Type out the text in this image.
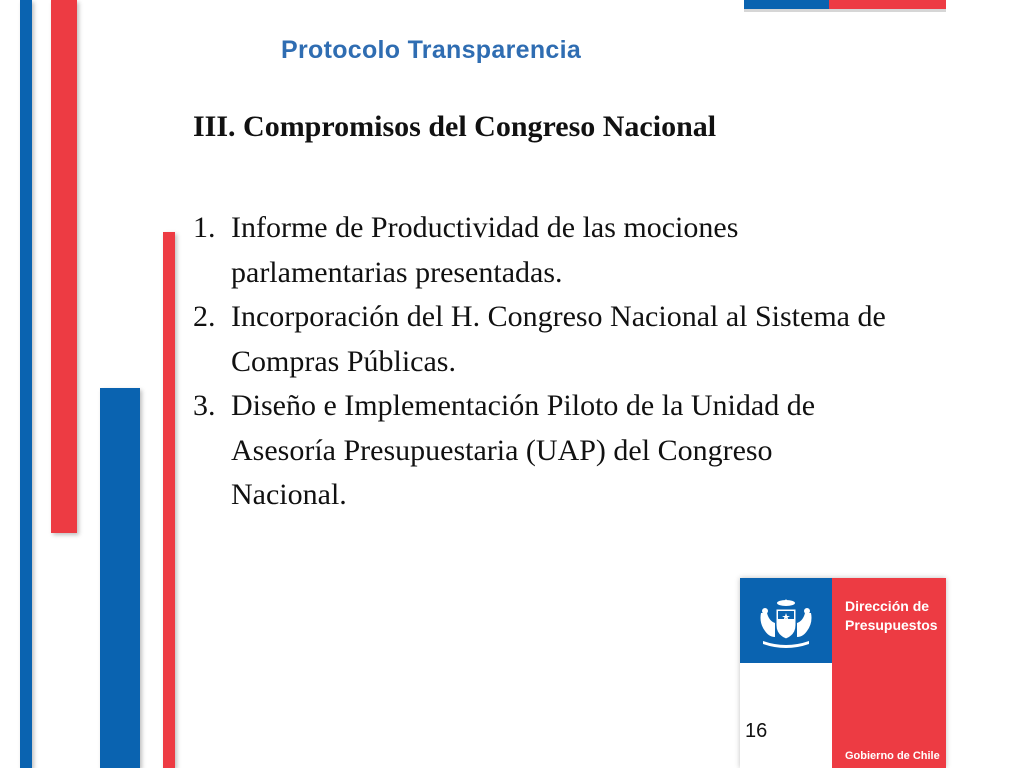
Protocolo Transparencia
III. Compromisos del Congreso Nacional
1. Informe de Productividad de las mociones
parlamentarias presentadas.
2. Incorporación del H. Congreso Nacional al Sistema de
Compras Públicas.
3. Diseño e Implementación Piloto de la Unidad de
Asesoría Presupuestaria (UAP) del Congreso
Nacional.
Dirección de
Presupuestos
Gobierno de Chile
16
